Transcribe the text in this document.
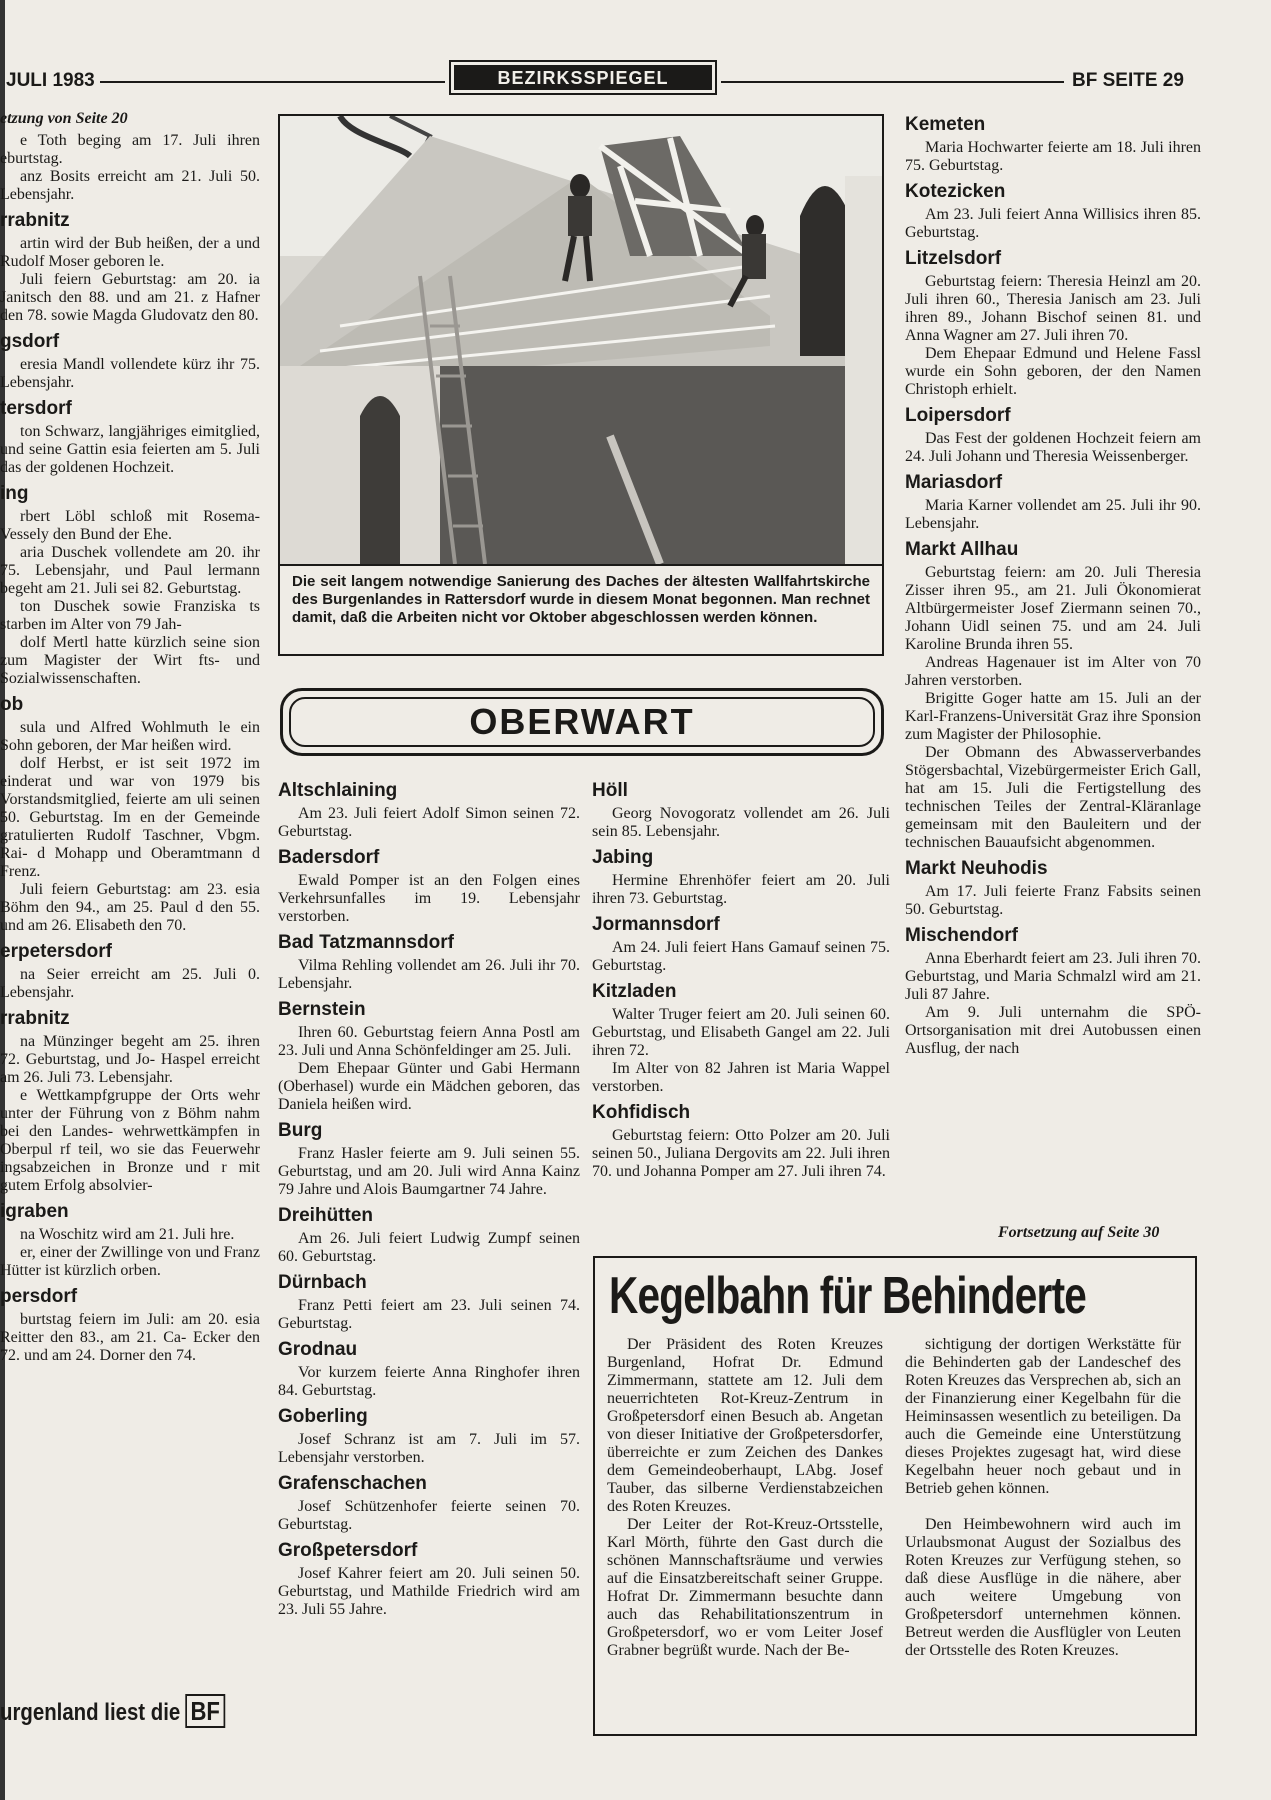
JULI 1983	BEZIRKSSPIEGEL	BF SEITE 29

etzung von Seite 20

e Toth beging am 17. Juli ihren eburtstag.

anz Bosits erreicht am 21. Juli 50. Lebensjahr.

rrabnitz

artin wird der Bub heißen, der a und Rudolf Moser geboren le.

Juli feiern Geburtstag: am 20. ia Janitsch den 88. und am 21. z Hafner den 78. sowie Magda Gludovatz den 80.

gsdorf

eresia Mandl vollendete kürz ihr 75. Lebensjahr.

tersdorf

ton Schwarz, langjähriges eimitglied, und seine Gattin esia feierten am 5. Juli das der goldenen Hochzeit.

ing

rbert Löbl schloß mit Rosema- Vessely den Bund der Ehe.

aria Duschek vollendete am 20. ihr 75. Lebensjahr, und Paul lermann begeht am 21. Juli sei 82. Geburtstag.

ton Duschek sowie Franziska ts starben im Alter von 79 Jah-

dolf Mertl hatte kürzlich seine sion zum Magister der Wirt fts- und Sozialwissenschaften.

ob

sula und Alfred Wohlmuth le ein Sohn geboren, der Mar heißen wird.

dolf Herbst, er ist seit 1972 im einderat und war von 1979 bis Vorstandsmitglied, feierte am uli seinen 50. Geburtstag. Im en der Gemeinde gratulierten Rudolf Taschner, Vbgm. Rai- d Mohapp und Oberamtmann d Frenz.

Juli feiern Geburtstag: am 23. esia Böhm den 94., am 25. Paul d den 55. und am 26. Elisabeth den 70.

erpetersdorf

na Seier erreicht am 25. Juli 0. Lebensjahr.

rrabnitz

na Münzinger begeht am 25. ihren 72. Geburtstag, und Jo- Haspel erreicht am 26. Juli 73. Lebensjahr.

e Wettkampfgruppe der Orts wehr unter der Führung von z Böhm nahm bei den Landes- wehrwettkämpfen in Oberpul rf teil, wo sie das Feuerwehr ingsabzeichen in Bronze und r mit gutem Erfolg absolvier-

igraben

na Woschitz wird am 21. Juli hre.

er, einer der Zwillinge von und Franz Hütter ist kürzlich orben.

persdorf

burtstag feiern im Juli: am 20. esia Reitter den 83., am 21. Ca- Ecker den 72. und am 24. Dorner den 74.

Die seit langem notwendige Sanierung des Daches der ältesten Wallfahrtskirche des Burgenlandes in Rattersdorf wurde in diesem Monat begonnen. Man rechnet damit, daß die Arbeiten nicht vor Oktober abgeschlossen werden können.
OBERWART
Altschlaining

Am 23. Juli feiert Adolf Simon seinen 72. Geburtstag.

Badersdorf

Ewald Pomper ist an den Folgen eines Verkehrsunfalles im 19. Lebensjahr verstorben.

Bad Tatzmannsdorf

Vilma Rehling vollendet am 26. Juli ihr 70. Lebensjahr.

Bernstein

Ihren 60. Geburtstag feiern Anna Postl am 23. Juli und Anna Schönfeldinger am 25. Juli.

Dem Ehepaar Günter und Gabi Hermann (Oberhasel) wurde ein Mädchen geboren, das Daniela heißen wird.

Burg

Franz Hasler feierte am 9. Juli seinen 55. Geburtstag, und am 20. Juli wird Anna Kainz 79 Jahre und Alois Baumgartner 74 Jahre.

Dreihütten

Am 26. Juli feiert Ludwig Zumpf seinen 60. Geburtstag.

Dürnbach

Franz Petti feiert am 23. Juli seinen 74. Geburtstag.

Grodnau

Vor kurzem feierte Anna Ringhofer ihren 84. Geburtstag.

Goberling

Josef Schranz ist am 7. Juli im 57. Lebensjahr verstorben.

Grafenschachen

Josef Schützenhofer feierte seinen 70. Geburtstag.

Großpetersdorf

Josef Kahrer feiert am 20. Juli seinen 50. Geburtstag, und Mathilde Friedrich wird am 23. Juli 55 Jahre.

Höll

Georg Novogoratz vollendet am 26. Juli sein 85. Lebensjahr.

Jabing

Hermine Ehrenhöfer feiert am 20. Juli ihren 73. Geburtstag.

Jormannsdorf

Am 24. Juli feiert Hans Gamauf seinen 75. Geburtstag.

Kitzladen

Walter Truger feiert am 20. Juli seinen 60. Geburtstag, und Elisabeth Gangel am 22. Juli ihren 72.

Im Alter von 82 Jahren ist Maria Wappel verstorben.

Kohfidisch

Geburtstag feiern: Otto Polzer am 20. Juli seinen 50., Juliana Dergovits am 22. Juli ihren 70. und Johanna Pomper am 27. Juli ihren 74.

Kemeten

Maria Hochwarter feierte am 18. Juli ihren 75. Geburtstag.

Kotezicken

Am 23. Juli feiert Anna Willisics ihren 85. Geburtstag.

Litzelsdorf

Geburtstag feiern: Theresia Heinzl am 20. Juli ihren 60., Theresia Janisch am 23. Juli ihren 89., Johann Bischof seinen 81. und Anna Wagner am 27. Juli ihren 70.

Dem Ehepaar Edmund und Helene Fassl wurde ein Sohn geboren, der den Namen Christoph erhielt.

Loipersdorf

Das Fest der goldenen Hochzeit feiern am 24. Juli Johann und Theresia Weissenberger.

Mariasdorf

Maria Karner vollendet am 25. Juli ihr 90. Lebensjahr.

Markt Allhau

Geburtstag feiern: am 20. Juli Theresia Zisser ihren 95., am 21. Juli Ökonomierat Altbürgermeister Josef Ziermann seinen 70., Johann Uidl seinen 75. und am 24. Juli Karoline Brunda ihren 55.

Andreas Hagenauer ist im Alter von 70 Jahren verstorben.

Brigitte Goger hatte am 15. Juli an der Karl-Franzens-Universität Graz ihre Sponsion zum Magister der Philosophie.

Der Obmann des Abwasserverbandes Stögersbachtal, Vizebürgermeister Erich Gall, hat am 15. Juli die Fertigstellung des technischen Teiles der Zentral-Kläranlage gemeinsam mit den Bauleitern und der technischen Bauaufsicht abgenommen.

Markt Neuhodis

Am 17. Juli feierte Franz Fabsits seinen 50. Geburtstag.

Mischendorf

Anna Eberhardt feiert am 23. Juli ihren 70. Geburtstag, und Maria Schmalzl wird am 21. Juli 87 Jahre.

Am 9. Juli unternahm die SPÖ-Ortsorganisation mit drei Autobussen einen Ausflug, der nach

Fortsetzung auf Seite 30
Kegelbahn für Behinderte

Der Präsident des Roten Kreuzes Burgenland, Hofrat Dr. Edmund Zimmermann, stattete am 12. Juli dem neuerrichteten Rot-Kreuz-Zentrum in Großpetersdorf einen Besuch ab. Angetan von dieser Initiative der Großpetersdorfer, überreichte er zum Zeichen des Dankes dem Gemeindeoberhaupt, LAbg. Josef Tauber, das silberne Verdienstabzeichen des Roten Kreuzes.

Der Leiter der Rot-Kreuz-Ortsstelle, Karl Mörth, führte den Gast durch die schönen Mannschaftsräume und verwies auf die Einsatzbereitschaft seiner Gruppe. Hofrat Dr. Zimmermann besuchte dann auch das Rehabilitationszentrum in Großpetersdorf, wo er vom Leiter Josef Grabner begrüßt wurde. Nach der Be-

sichtigung der dortigen Werkstätte für die Behinderten gab der Landeschef des Roten Kreuzes das Versprechen ab, sich an der Finanzierung einer Kegelbahn für die Heiminsassen wesentlich zu beteiligen. Da auch die Gemeinde eine Unterstützung dieses Projektes zugesagt hat, wird diese Kegelbahn heuer noch gebaut und in Betrieb gehen können.

Den Heimbewohnern wird auch im Urlaubsmonat August der Sozialbus des Roten Kreuzes zur Verfügung stehen, so daß diese Ausflüge in die nähere, aber auch weitere Umgebung von Großpetersdorf unternehmen können. Betreut werden die Ausflügler von Leuten der Ortsstelle des Roten Kreuzes.

urgenland liest die BF
